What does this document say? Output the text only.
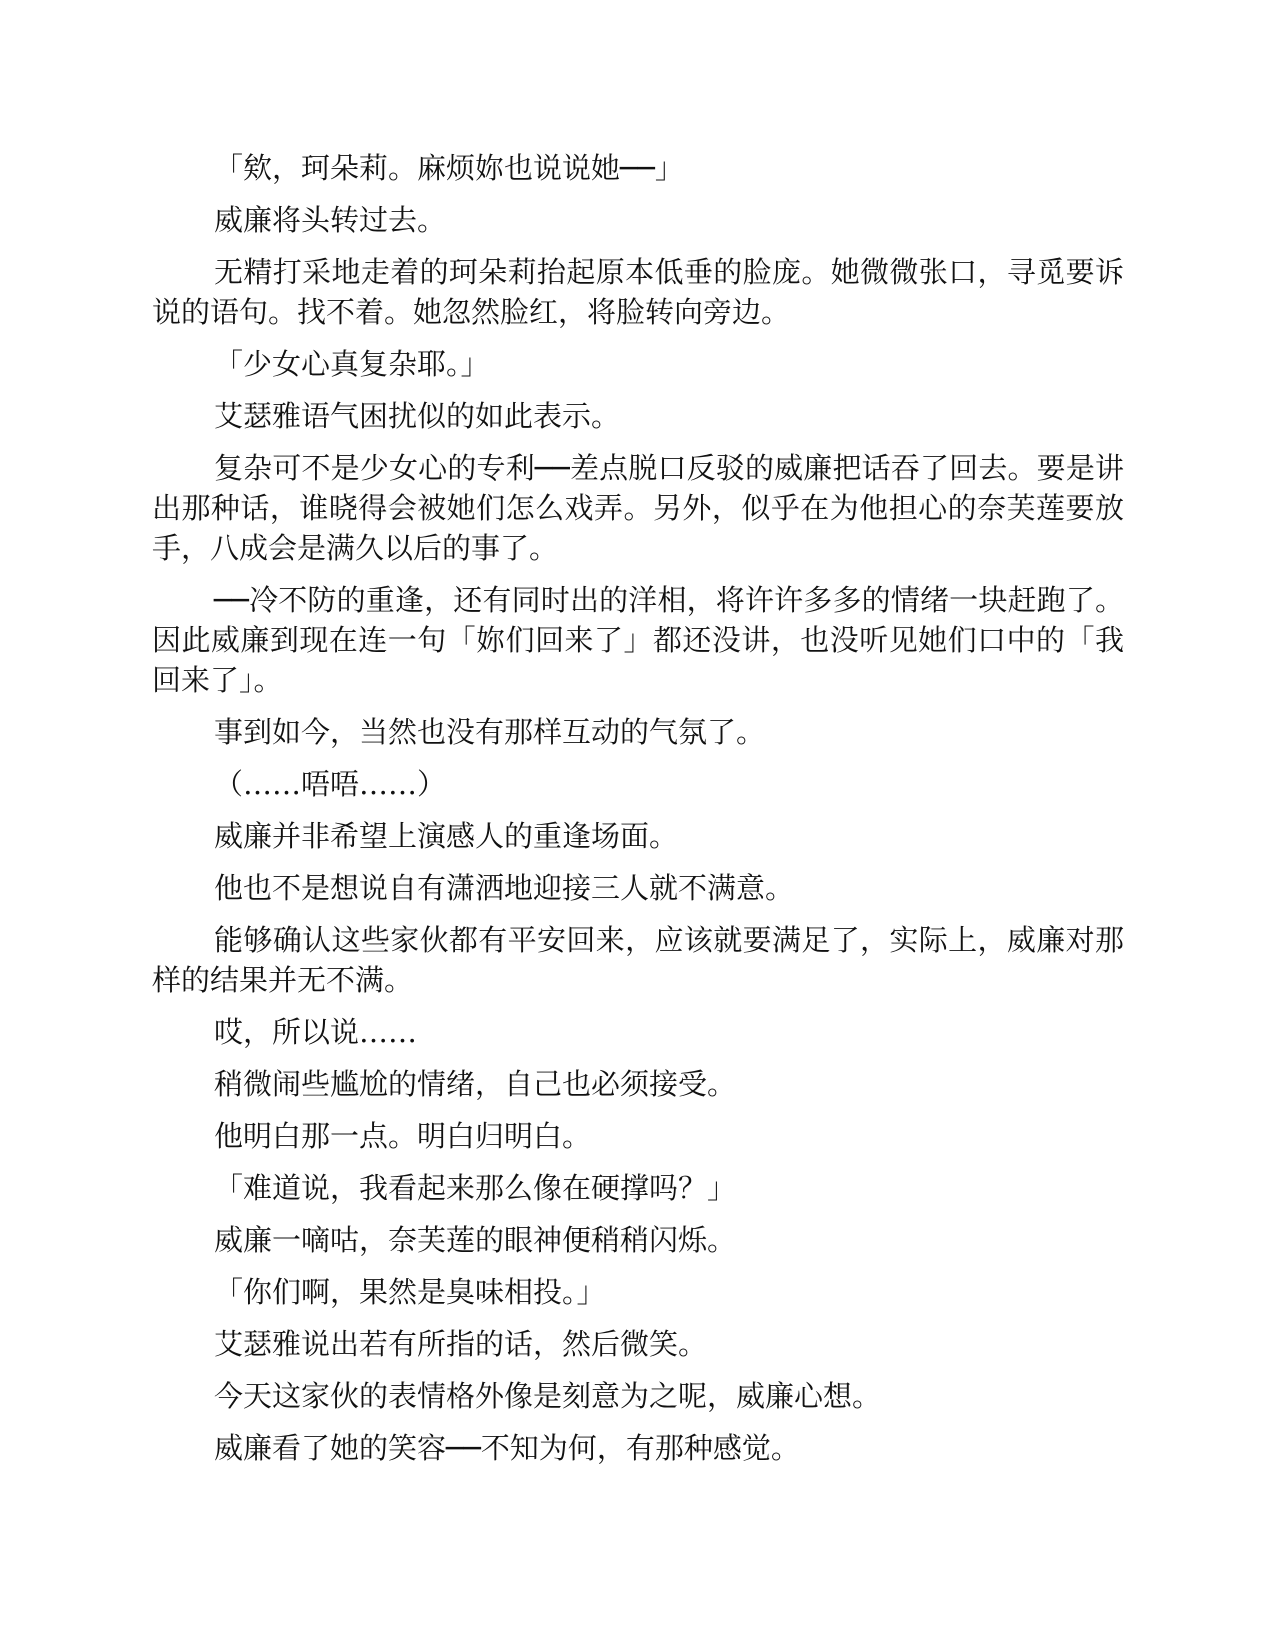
「欸，珂朵莉。麻烦妳也说说她──」

威廉将头转过去。

无精打采地走着的珂朵莉抬起原本低垂的脸庞。她微微张口，寻觅要诉说的语句。找不着。她忽然脸红，将脸转向旁边。

「少女心真复杂耶。」

艾瑟雅语气困扰似的如此表示。

复杂可不是少女心的专利──差点脱口反驳的威廉把话吞了回去。要是讲出那种话，谁晓得会被她们怎么戏弄。另外，似乎在为他担心的奈芙莲要放手，八成会是满久以后的事了。

──冷不防的重逢，还有同时出的洋相，将许许多多的情绪一块赶跑了。因此威廉到现在连一句「妳们回来了」都还没讲，也没听见她们口中的「我回来了」。

事到如今，当然也没有那样互动的气氛了。

（……唔唔……）

威廉并非希望上演感人的重逢场面。

他也不是想说自有潇洒地迎接三人就不满意。

能够确认这些家伙都有平安回来，应该就要满足了，实际上，威廉对那样的结果并无不满。

哎，所以说……

稍微闹些尴尬的情绪，自己也必须接受。

他明白那一点。明白归明白。

「难道说，我看起来那么像在硬撑吗？」

威廉一嘀咕，奈芙莲的眼神便稍稍闪烁。

「你们啊，果然是臭味相投。」

艾瑟雅说出若有所指的话，然后微笑。

今天这家伙的表情格外像是刻意为之呢，威廉心想。

威廉看了她的笑容──不知为何，有那种感觉。
